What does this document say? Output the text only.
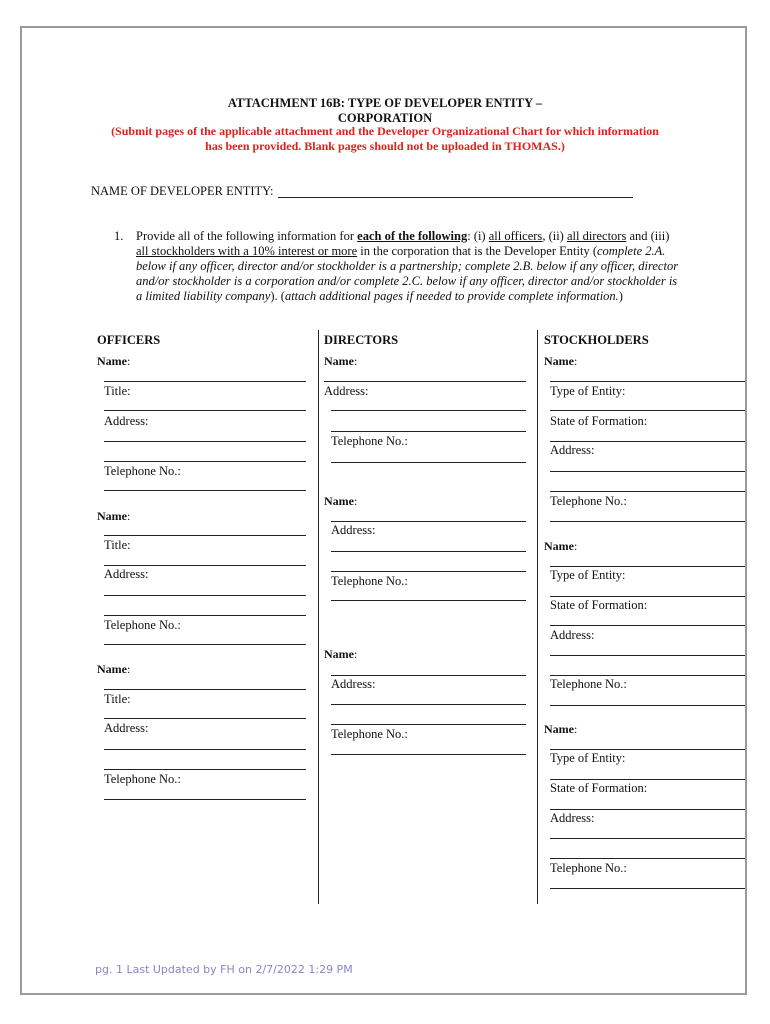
ATTACHMENT 16B: TYPE OF DEVELOPER ENTITY –
CORPORATION
(Submit pages of the applicable attachment and the Developer Organizational Chart for which information
has been provided. Blank pages should not be uploaded in THOMAS.)
NAME OF DEVELOPER ENTITY:
1. Provide all of the following information for each of the following: (i) all officers, (ii) all directors and (iii)
all stockholders with a 10% interest or more in the corporation that is the Developer Entity (complete 2.A.
below if any officer, director and/or stockholder is a partnership; complete 2.B. below if any officer, director
and/or stockholder is a corporation and/or complete 2.C. below if any officer, director and/or stockholder is
a limited liability company). (attach additional pages if needed to provide complete information.)
OFFICERS	DIRECTORS	STOCKHOLDERS
Name:
Title:
Address:
Telephone No.:
Name:
Title:
Address:
Telephone No.:
Name:
Title:
Address:
Telephone No.:
Name:
Address:
Telephone No.:
Name:
Address:
Telephone No.:
Name:
Address:
Telephone No.:
Name:
Type of Entity:
State of Formation:
Address:
Telephone No.:
Name:
Type of Entity:
State of Formation:
Address:
Telephone No.:
Name:
Type of Entity:
State of Formation:
Address:
Telephone No.:
pg. 1 Last Updated by FH on 2/7/2022 1:29 PM
